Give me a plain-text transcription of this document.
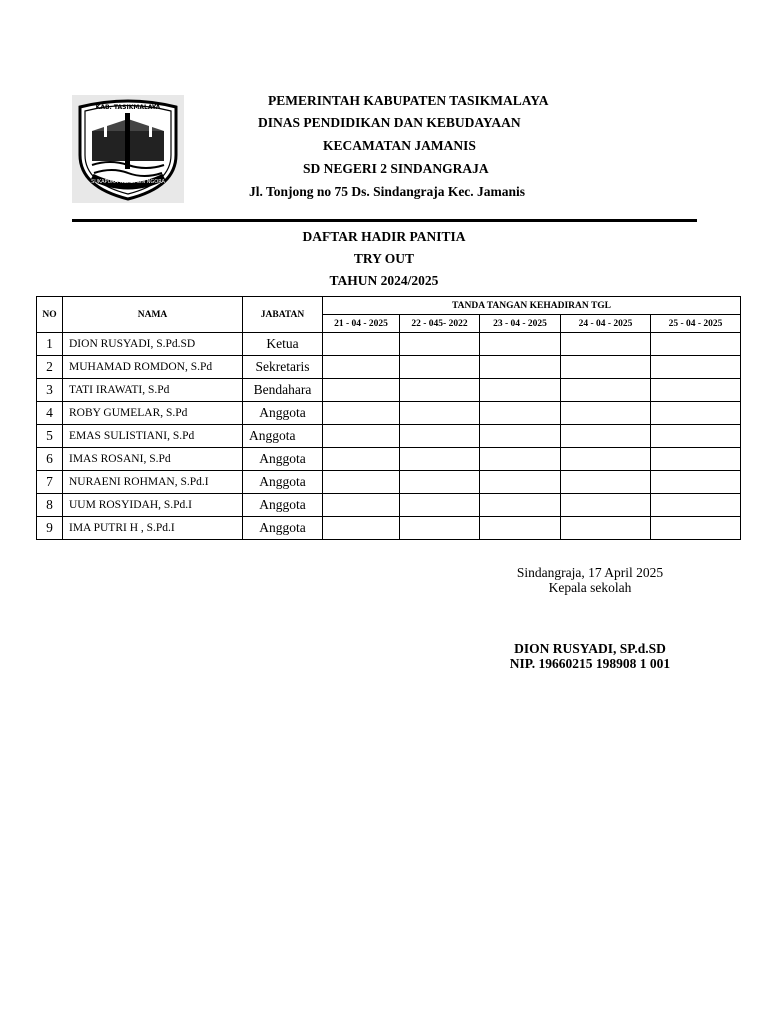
KAB. TASIKMALAYA
SUKAPURA NGADAUN NGORA
PEMERINTAH KABUPATEN TASIKMALAYA
DINAS PENDIDIKAN DAN KEBUDAYAAN
KECAMATAN JAMANIS
SD NEGERI 2 SINDANGRAJA
Jl. Tonjong no 75 Ds. Sindangraja Kec. Jamanis
DAFTAR HADIR PANITIA
TRY OUT
TAHUN 2024/2025
NO	NAMA	JABATAN	TANDA TANGAN KEHADIRAN TGL				
			21 - 04 - 2025	22 - 045- 2022	23 - 04 - 2025	24 - 04 - 2025	25 - 04 - 2025
1	DION RUSYADI, S.Pd.SD	Ketua					
2	MUHAMAD ROMDON, S.Pd	Sekretaris					
3	TATI IRAWATI, S.Pd	Bendahara					
4	ROBY GUMELAR, S.Pd	Anggota					
5	EMAS SULISTIANI, S.Pd	Anggota					
6	IMAS ROSANI, S.Pd	Anggota					
7	NURAENI ROHMAN, S.Pd.I	Anggota					
8	UUM ROSYIDAH, S.Pd.I	Anggota					
9	IMA PUTRI H , S.Pd.I	Anggota					
Sindangraja, 17 April 2025
Kepala sekolah
DION RUSYADI, SP.d.SD
NIP. 19660215 198908 1 001
